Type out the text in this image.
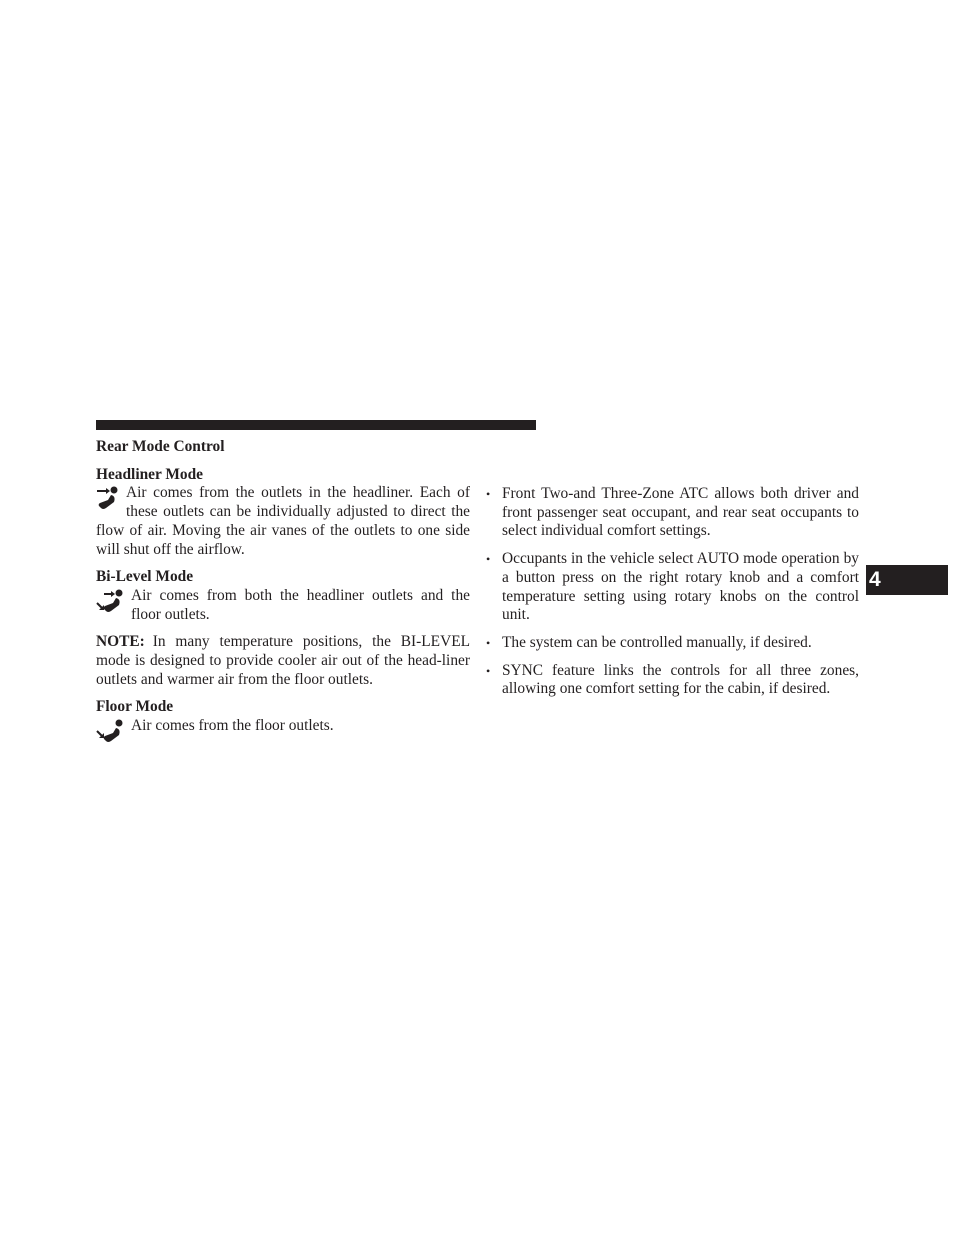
Rear Mode Control

Headliner Mode

Air comes from the outlets in the headliner. Each of these outlets can be individually adjusted to direct the flow of air. Moving the air vanes of the outlets to one side will shut off the airflow.

Bi-Level Mode

Air comes from both the headliner outlets and the floor outlets.

NOTE: In many temperature positions, the BI-LEVEL mode is designed to provide cooler air out of the head-liner outlets and warmer air from the floor outlets.

Floor Mode

Air comes from the floor outlets.

• Front Two-and Three-Zone ATC allows both driver and front passenger seat occupant, and rear seat occupants to select individual comfort settings.
• Occupants in the vehicle select AUTO mode operation by a button press on the right rotary knob and a comfort temperature setting using rotary knobs on the control unit.
• The system can be controlled manually, if desired.
• SYNC feature links the controls for all three zones, allowing one comfort setting for the cabin, if desired.
4
